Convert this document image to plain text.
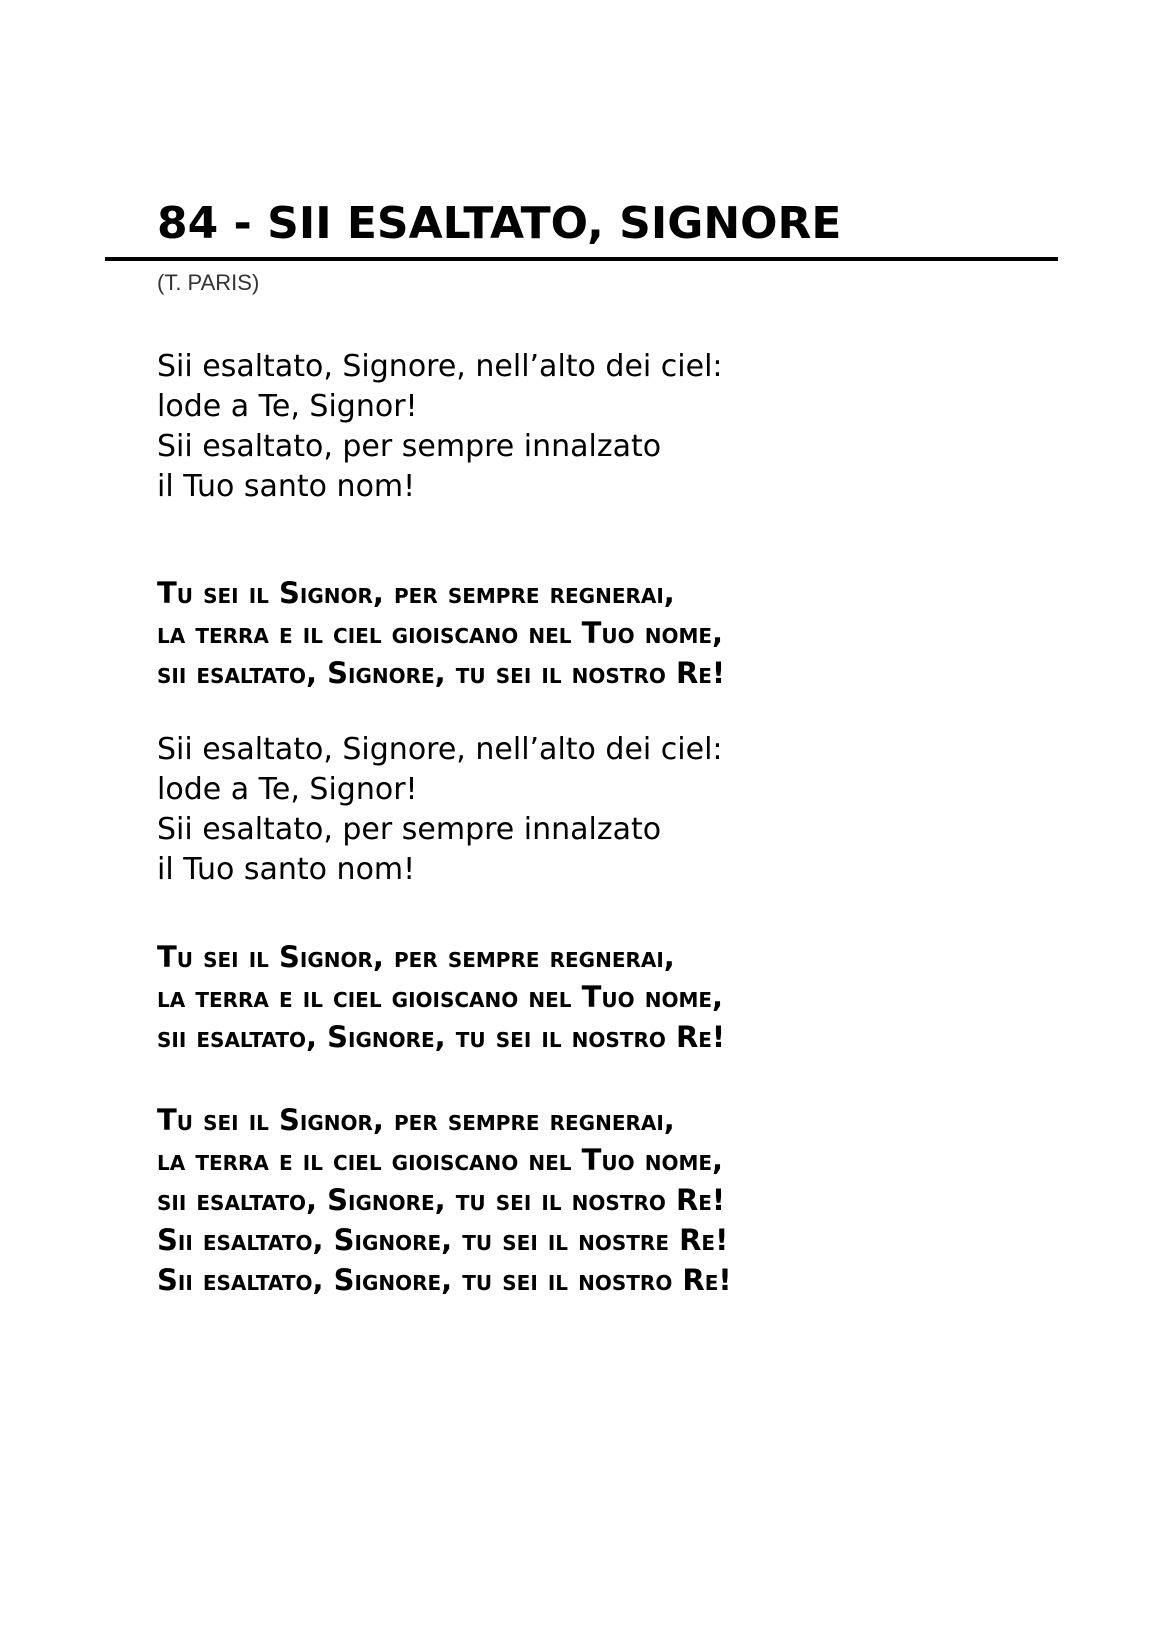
84 - SII ESALTATO, SIGNORE
(T. PARIS)
Sii esaltato, Signore, nell’alto dei ciel:
lode a Te, Signor!
Sii esaltato, per sempre innalzato
il Tuo santo nom!
Tu sei il Signor, per sempre regnerai,
la terra e il ciel gioiscano nel Tuo nome,
sii esaltato, Signore, tu sei il nostro Re!
Sii esaltato, Signore, nell’alto dei ciel:
lode a Te, Signor!
Sii esaltato, per sempre innalzato
il Tuo santo nom!
Tu sei il Signor, per sempre regnerai,
la terra e il ciel gioiscano nel Tuo nome,
sii esaltato, Signore, tu sei il nostro Re!
Tu sei il Signor, per sempre regnerai,
la terra e il ciel gioiscano nel Tuo nome,
sii esaltato, Signore, tu sei il nostro Re!
Sii esaltato, Signore, tu sei il nostre Re!
Sii esaltato, Signore, tu sei il nostro Re!
